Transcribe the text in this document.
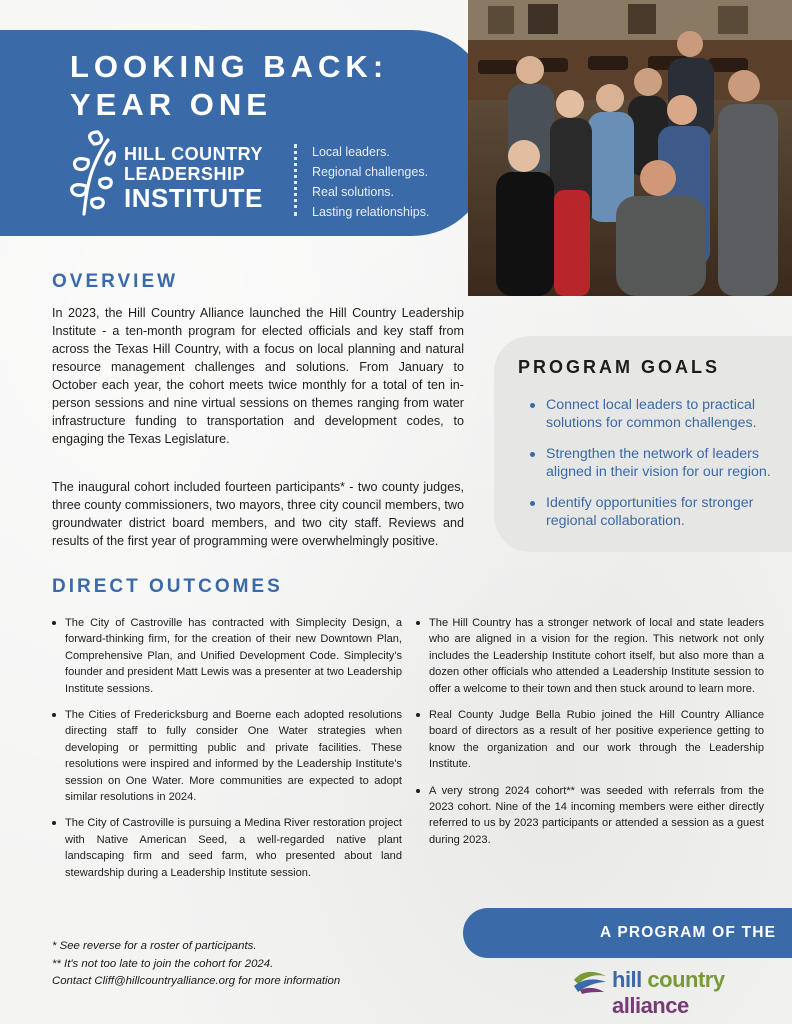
LOOKING BACK:
YEAR ONE
HILL COUNTRY
LEADERSHIP
INSTITUTE
Local leaders.
Regional challenges.
Real solutions.
Lasting relationships.
OVERVIEW

In 2023, the Hill Country Alliance launched the Hill Country Leadership Institute - a ten-month program for elected officials and key staff from across the Texas Hill Country, with a focus on local planning and natural resource management challenges and solutions. From January to October each year, the cohort meets twice monthly for a total of ten in-person sessions and nine virtual sessions on themes ranging from water infrastructure funding to transportation and development codes, to engaging the Texas Legislature.

The inaugural cohort included fourteen participants* - two county judges, three county commissioners, two mayors, three city council members, two groundwater district board members, and two city staff. Reviews and results of the first year of programming were overwhelmingly positive.

PROGRAM GOALS
Connect local leaders to practical solutions for common challenges.
Strengthen the network of leaders aligned in their vision for our region.
Identify opportunities for stronger regional collaboration.
DIRECT OUTCOMES
The City of Castroville has contracted with Simplecity Design, a forward-thinking firm, for the creation of their new Downtown Plan, Comprehensive Plan, and Unified Development Code. Simplecity's founder and president Matt Lewis was a presenter at two Leadership Institute sessions.
The Cities of Fredericksburg and Boerne each adopted resolutions directing staff to fully consider One Water strategies when developing or permitting public and private facilities. These resolutions were inspired and informed by the Leadership Institute's session on One Water. More communities are expected to adopt similar resolutions in 2024.
The City of Castroville is pursuing a Medina River restoration project with Native American Seed, a well-regarded native plant landscaping firm and seed farm, who presented about land stewardship during a Leadership Institute session.
The Hill Country has a stronger network of local and state leaders who are aligned in a vision for the region. This network not only includes the Leadership Institute cohort itself, but also more than a dozen other officials who attended a Leadership Institute session to offer a welcome to their town and then stuck around to learn more.
Real County Judge Bella Rubio joined the Hill Country Alliance board of directors as a result of her positive experience getting to know the organization and our work through the Leadership Institute.
A very strong 2024 cohort** was seeded with referrals from the 2023 cohort. Nine of the 14 incoming members were either directly referred to us by 2023 participants or attended a session as a guest during 2023.
* See reverse for a roster of participants.
** It's not too late to join the cohort for 2024.
Contact Cliff@hillcountryalliance.org for more information
A PROGRAM OF THE
hill country alliance
